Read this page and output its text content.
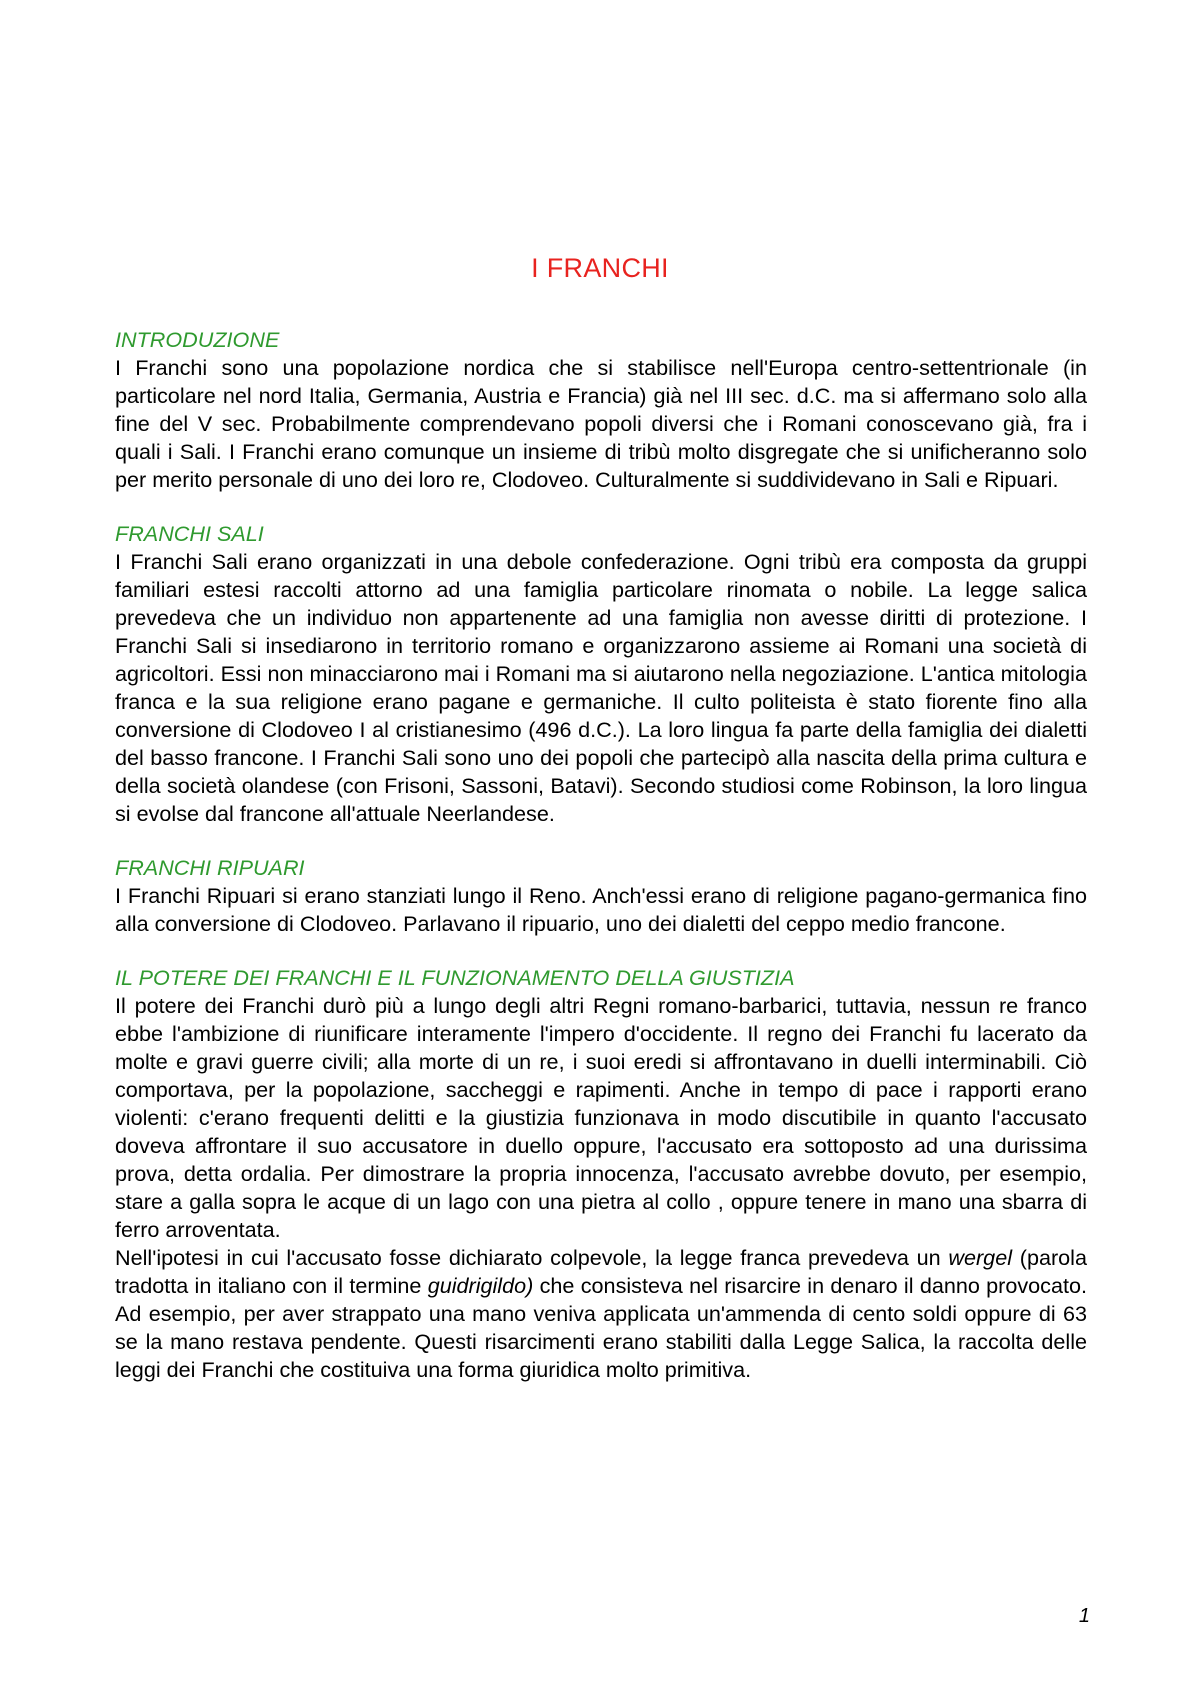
I FRANCHI

INTRODUZIONE

I Franchi sono una popolazione nordica che si stabilisce nell'Europa centro-settentrionale (in particolare nel nord Italia, Germania, Austria e Francia) già nel III sec. d.C. ma si affermano solo alla fine del V sec. Probabilmente comprendevano popoli diversi che i Romani conoscevano già, fra i quali i Sali. I Franchi erano comunque un insieme di tribù molto disgregate che si unificheranno solo per merito personale di uno dei loro re, Clodoveo. Culturalmente si suddividevano in Sali e Ripuari.

FRANCHI SALI

I Franchi Sali erano organizzati in una debole confederazione. Ogni tribù era composta da gruppi familiari estesi raccolti attorno ad una famiglia particolare rinomata o nobile. La legge salica prevedeva che un individuo non appartenente ad una famiglia non avesse diritti di protezione. I Franchi Sali si insediarono in territorio romano e organizzarono assieme ai Romani una società di agricoltori. Essi non minacciarono mai i Romani ma si aiutarono nella negoziazione. L'antica mitologia franca e la sua religione erano pagane e germaniche. Il culto politeista è stato fiorente fino alla conversione di Clodoveo I al cristianesimo (496 d.C.). La loro lingua fa parte della famiglia dei dialetti del basso francone. I Franchi Sali sono uno dei popoli che partecipò alla nascita della prima cultura e della società olandese (con Frisoni, Sassoni, Batavi). Secondo studiosi come Robinson, la loro lingua si evolse dal francone all'attuale Neerlandese.

FRANCHI RIPUARI

I Franchi Ripuari si erano stanziati lungo il Reno. Anch'essi erano di religione pagano-germanica fino alla conversione di Clodoveo. Parlavano il ripuario, uno dei dialetti del ceppo medio francone.

IL POTERE DEI FRANCHI E IL FUNZIONAMENTO DELLA GIUSTIZIA

Il potere dei Franchi durò più a lungo degli altri Regni romano-barbarici, tuttavia, nessun re franco ebbe l'ambizione di riunificare interamente l'impero d'occidente. Il regno dei Franchi fu lacerato da molte e gravi guerre civili; alla morte di un re, i suoi eredi si affrontavano in duelli interminabili. Ciò comportava, per la popolazione, saccheggi e rapimenti. Anche in tempo di pace i rapporti erano violenti: c'erano frequenti delitti e la giustizia funzionava in modo discutibile in quanto l'accusato doveva affrontare il suo accusatore in duello oppure, l'accusato era sottoposto ad una durissima prova, detta ordalia. Per dimostrare la propria innocenza, l'accusato avrebbe dovuto, per esempio, stare a galla sopra le acque di un lago con una pietra al collo , oppure tenere in mano una sbarra di ferro arroventata.

Nell'ipotesi in cui l'accusato fosse dichiarato colpevole, la legge franca prevedeva un wergel (parola tradotta in italiano con il termine guidrigildo) che consisteva nel risarcire in denaro il danno provocato. Ad esempio, per aver strappato una mano veniva applicata un'ammenda di cento soldi oppure di 63 se la mano restava pendente. Questi risarcimenti erano stabiliti dalla Legge Salica, la raccolta delle leggi dei Franchi che costituiva una forma giuridica molto primitiva.

1
